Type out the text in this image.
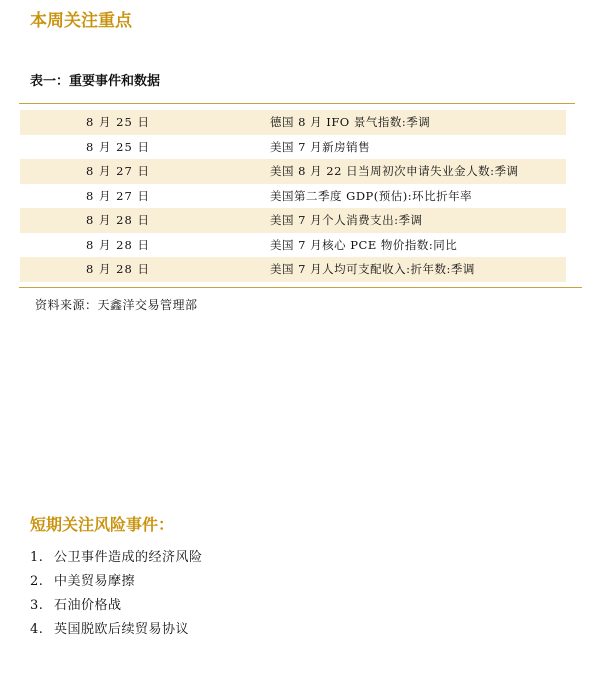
本周关注重点
表一：重要事件和数据
8 月 25 日	德国 8 月 IFO 景气指数:季调
8 月 25 日	美国 7 月新房销售
8 月 27 日	美国 8 月 22 日当周初次申请失业金人数:季调
8 月 27 日	美国第二季度 GDP(预估):环比折年率
8 月 28 日	美国 7 月个人消费支出:季调
8 月 28 日	美国 7 月核心 PCE 物价指数:同比
8 月 28 日	美国 7 月人均可支配收入:折年数:季调
资料来源：天鑫洋交易管理部
短期关注风险事件：
1. 公卫事件造成的经济风险
2. 中美贸易摩擦
3. 石油价格战
4. 英国脱欧后续贸易协议
